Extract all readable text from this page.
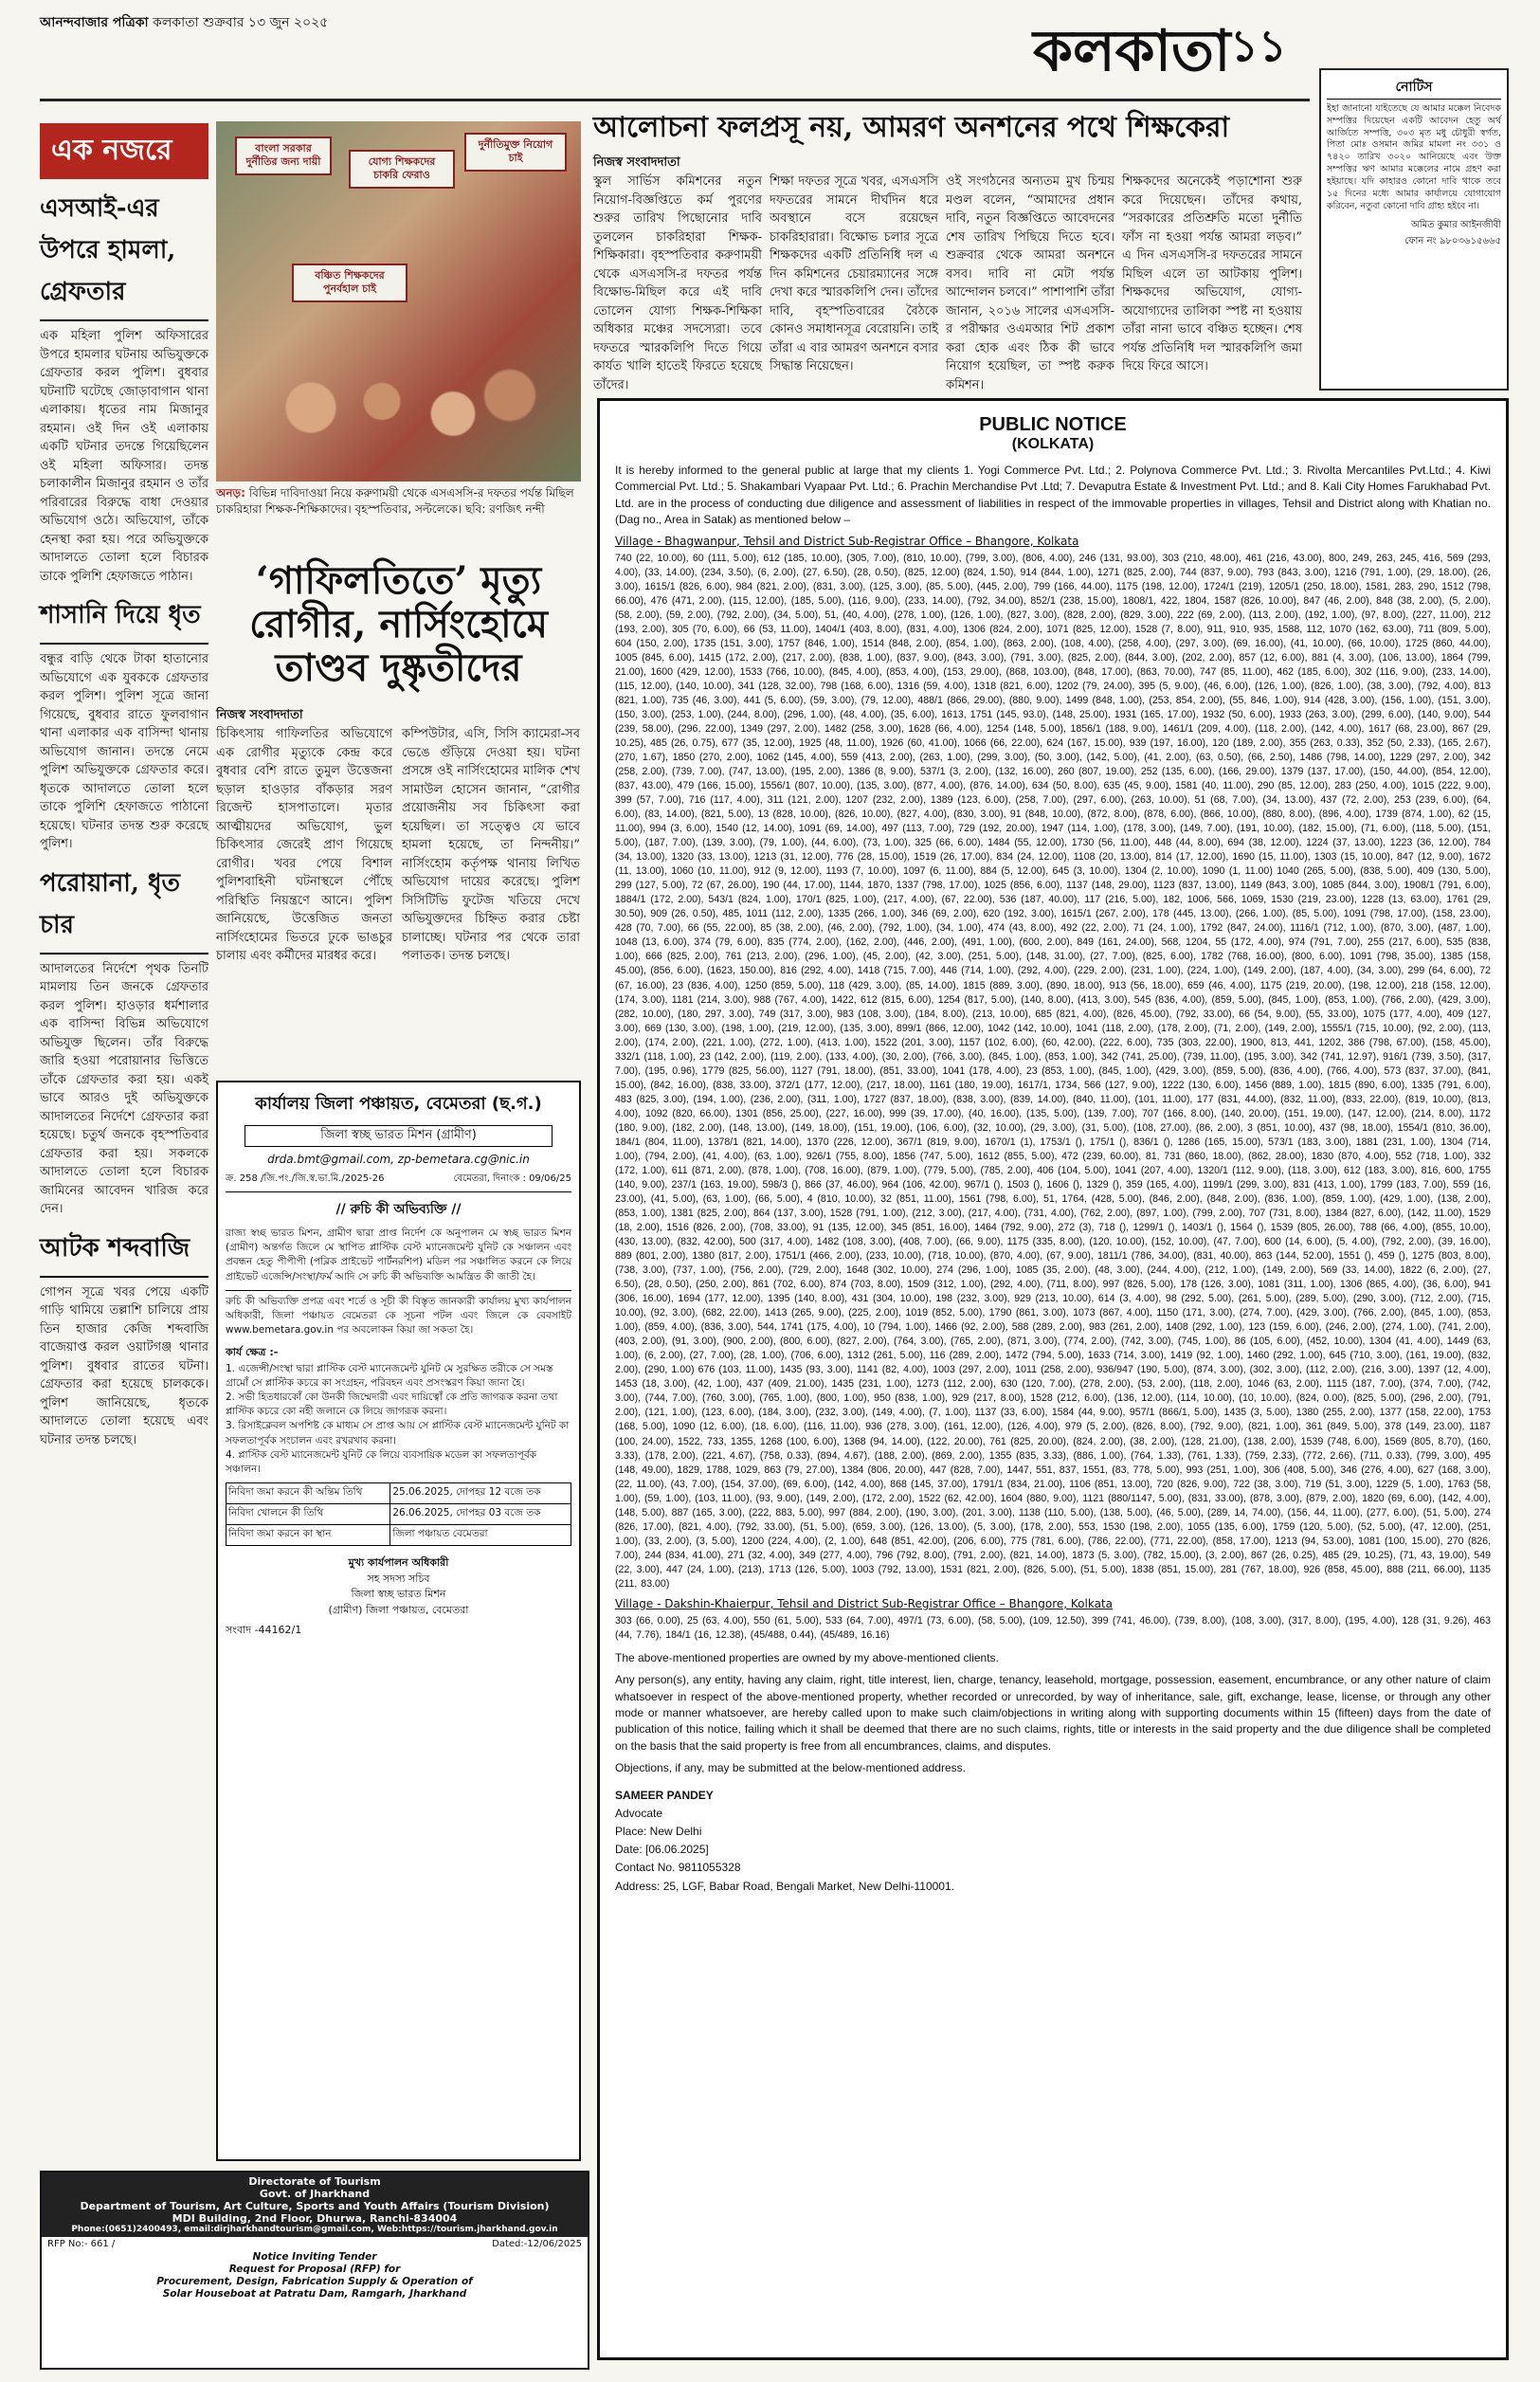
আনন্দবাজার পত্রিকা কলকাতা শুক্রবার ১৩ জুন ২০২৫	কলকাতা ১১
নোটিস
ইহা জানানো যাইতেছে যে আমার মক্কেল নিবেদক সম্পত্তির দিয়েছেন একটি আবেদন হেতু অর্থ আর্জিতে সম্পত্তি, ৩০৩ মৃত মধু চৌধুরী স্বর্গত, পিতা মোঃ ওসমান জমির মামলা নং ৩৩১ ও ৭৪২০ তারিখ ৩০২০ আনিয়েছে এবং উক্ত সম্পত্তির ঋণ আমার মক্কেলের নামে গ্রহণ করা হইয়াছে। যদি কাহারও কোনো দাবি থাকে তবে ১৫ দিনের মধ্যে আমার কার্যালয়ে যোগাযোগ করিবেন, নতুবা কোনো দাবি গ্রাহ্য হইবে না।
অমিত কুমার আইনজীবী
ফোন নং ৯৮০৩৬১৫৬৬৫
এক নজরে
এসআই-এর উপরে হামলা, গ্রেফতার
এক মহিলা পুলিশ অফিসারের উপরে হামলার ঘটনায় অভিযুক্তকে গ্রেফতার করল পুলিশ। বুধবার ঘটনাটি ঘটেছে জোড়াবাগান থানা এলাকায়। ধৃতের নাম মিজানুর রহমান। ওই দিন ওই এলাকায় একটি ঘটনার তদন্তে গিয়েছিলেন ওই মহিলা অফিসার। তদন্ত চলাকালীন মিজানুর রহমান ও তাঁর পরিবারের বিরুদ্ধে বাধা দেওয়ার অভিযোগ ওঠে। অভিযোগ, তাঁকে হেনস্থা করা হয়। পরে অভিযুক্তকে আদালতে তোলা হলে বিচারক তাকে পুলিশি হেফাজতে পাঠান।
শাসানি দিয়ে ধৃত
বন্ধুর বাড়ি থেকে টাকা হাতানোর অভিযোগে এক যুবককে গ্রেফতার করল পুলিশ। পুলিশ সূত্রে জানা গিয়েছে, বুধবার রাতে ফুলবাগান থানা এলাকার এক বাসিন্দা থানায় অভিযোগ জানান। তদন্তে নেমে পুলিশ অভিযুক্তকে গ্রেফতার করে। ধৃতকে আদালতে তোলা হলে তাকে পুলিশি হেফাজতে পাঠানো হয়েছে। ঘটনার তদন্ত শুরু করেছে পুলিশ।
পরোয়ানা, ধৃত চার
আদালতের নির্দেশে পৃথক তিনটি মামলায় তিন জনকে গ্রেফতার করল পুলিশ। হাওড়ার ধর্মশালার এক বাসিন্দা বিভিন্ন অভিযোগে অভিযুক্ত ছিলেন। তাঁর বিরুদ্ধে জারি হওয়া পরোয়ানার ভিত্তিতে তাঁকে গ্রেফতার করা হয়। একই ভাবে আরও দুই অভিযুক্তকে আদালতের নির্দেশে গ্রেফতার করা হয়েছে। চতুর্থ জনকে বৃহস্পতিবার গ্রেফতার করা হয়। সকলকে আদালতে তোলা হলে বিচারক জামিনের আবেদন খারিজ করে দেন।
আটক শব্দবাজি
গোপন সূত্রে খবর পেয়ে একটি গাড়ি থামিয়ে তল্লাশি চালিয়ে প্রায় তিন হাজার কেজি শব্দবাজি বাজেয়াপ্ত করল ওয়াটগঞ্জ থানার পুলিশ। বুধবার রাতের ঘটনা। গ্রেফতার করা হয়েছে চালককে। পুলিশ জানিয়েছে, ধৃতকে আদালতে তোলা হয়েছে এবং ঘটনার তদন্ত চলছে।
বাংলা সরকার দুর্নীতির জন্য দায়ী	যোগ্য শিক্ষকদের চাকরি ফেরাও
দুর্নীতিমুক্ত নিয়োগ চাই
বঞ্চিত শিক্ষকদের পুনর্বহাল চাই
অনড়: বিভিন্ন দাবিদাওয়া নিয়ে করুণাময়ী থেকে এসএসসি-র দফতর পর্যন্ত মিছিল চাকরিহারা শিক্ষক-শিক্ষিকাদের। বৃহস্পতিবার, সল্টলেকে। ছবি: রণজিৎ নন্দী
আলোচনা ফলপ্রসূ নয়, আমরণ অনশনের পথে শিক্ষকেরা
নিজস্ব সংবাদদাতা
স্কুল সার্ভিস কমিশনের নতুন নিয়োগ-বিজ্ঞপ্তিতে কর্ম পুরণের শুরুর তারিখ পিছোনোর দাবি তুললেন চাকরিহারা শিক্ষক-শিক্ষিকারা। বৃহস্পতিবার করুণাময়ী থেকে এসএসসি-র দফতর পর্যন্ত বিক্ষোভ-মিছিল করে এই দাবি তোলেন যোগ্য শিক্ষক-শিক্ষিকা অধিকার মঞ্চের সদস্যেরা। তবে দফতরে স্মারকলিপি দিতে গিয়ে কার্যত খালি হাতেই ফিরতে হয়েছে তাঁদের।
শিক্ষা দফতর সূত্রে খবর, এসএসসি দফতরের সামনে দীর্ঘদিন ধরে অবস্থানে বসে রয়েছেন চাকরিহারারা। বিক্ষোভ চলার সূত্রে শিক্ষকদের একটি প্রতিনিধি দল এ দিন কমিশনের চেয়ারম্যানের সঙ্গে দেখা করে স্মারকলিপি দেন। তাঁদের দাবি, বৃহস্পতিবারের বৈঠকে কোনও সমাধানসূত্র বেরোয়নি। তাই তাঁরা এ বার আমরণ অনশনে বসার সিদ্ধান্ত নিয়েছেন।
ওই সংগঠনের অন্যতম মুখ চিন্ময় মণ্ডল বলেন, “আমাদের প্রধান দাবি, নতুন বিজ্ঞপ্তিতে আবেদনের শেষ তারিখ পিছিয়ে দিতে হবে। শুক্রবার থেকে আমরা অনশনে বসব। দাবি না মেটা পর্যন্ত আন্দোলন চলবে।” পাশাপাশি তাঁরা জানান, ২০১৬ সালের এসএসসি-র পরীক্ষার ওএমআর শিট প্রকাশ করা হোক এবং ঠিক কী ভাবে নিয়োগ হয়েছিল, তা স্পষ্ট করুক কমিশন।
শিক্ষকদের অনেকেই পড়াশোনা শুরু করে দিয়েছেন। তাঁদের কথায়, “সরকারের প্রতিশ্রুতি মতো দুর্নীতি ফাঁস না হওয়া পর্যন্ত আমরা লড়ব।” এ দিন এসএসসি-র দফতরের সামনে মিছিল এলে তা আটকায় পুলিশ। শিক্ষকদের অভিযোগ, যোগ্য-অযোগ্যদের তালিকা স্পষ্ট না হওয়ায় তাঁরা নানা ভাবে বঞ্চিত হচ্ছেন। শেষ পর্যন্ত প্রতিনিধি দল স্মারকলিপি জমা দিয়ে ফিরে আসে।
‘গাফিলতিতে’ মৃত্যু
রোগীর, নার্সিংহোমে
তাণ্ডব দুষ্কৃতীদের
নিজস্ব সংবাদদাতা
চিকিৎসায় গাফিলতির অভিযোগে এক রোগীর মৃত্যুকে কেন্দ্র করে বুধবার বেশি রাতে তুমুল উত্তেজনা ছড়াল হাওড়ার বাঁকড়ার সরণ রিজেন্ট হাসপাতালে। মৃতার আত্মীয়দের অভিযোগ, ভুল চিকিৎসার জেরেই প্রাণ গিয়েছে রোগীর। খবর পেয়ে বিশাল পুলিশবাহিনী ঘটনাস্থলে পৌঁছে পরিস্থিতি নিয়ন্ত্রণে আনে। পুলিশ জানিয়েছে, উত্তেজিত জনতা নার্সিংহোমের ভিতরে ঢুকে ভাঙচুর চালায় এবং কর্মীদের মারধর করে।
কম্পিউটার, এসি, সিসি ক্যামেরা-সব ভেঙে গুঁড়িয়ে দেওয়া হয়। ঘটনা প্রসঙ্গে ওই নার্সিংহোমের মালিক শেখ সামাউল হোসেন জানান, “রোগীর প্রয়োজনীয় সব চিকিৎসা করা হয়েছিল। তা সত্ত্বেও যে ভাবে হামলা হয়েছে, তা নিন্দনীয়।” নার্সিংহোম কর্তৃপক্ষ থানায় লিখিত অভিযোগ দায়ের করেছে। পুলিশ সিসিটিভি ফুটেজ খতিয়ে দেখে অভিযুক্তদের চিহ্নিত করার চেষ্টা চালাচ্ছে। ঘটনার পর থেকে তারা পলাতক। তদন্ত চলছে।
কার্যালয় জিলা পঞ্চায়ত, বেমেতরা (ছ.গ.)
জিলা স্বচ্ছ ভারত মিশন (গ্রামীণ)
drda.bmt@gmail.com, zp-bemetara.cg@nic.in
ক্র. 258 /জি.পং./জি.স্ব.ভা.মি./2025-26	বেমেতরা, দিনাংক : 09/06/25
// রুচি কী অভিব্যক্তি //
রাজ্য স্বচ্ছ ভারত মিশন, গ্রামীণ দ্বারা প্রাপ্ত নির্দেশ কে অনুপালন মে স্বচ্ছ ভারত মিশন (গ্রামীণ) অন্তর্গত জিলে মে স্থাপিত প্লাস্টিক বেস্ট ম্যানেজমেন্ট যুনিট কে সঞ্চালন এবং প্রবন্ধন হেতু পীপীপী (পব্লিক প্রাইভেট পার্টনরশিপ) মডিল পর সঞ্চালিত করনে কে লিয়ে প্রাইভেট এজেন্সি/সংস্থা/ফর্ম আদি সে রুচি কী অভিব্যক্তি আমন্ত্রিত কী জাতী হৈ।
রুচি কী অভিব্যক্তি প্রপত্র এবং শর্তে ও সূচী কী বিস্তৃত জানকারী কার্যালয় মুখ্য কার্যপালন অধিকারী, জিলা পঞ্চায়ত বেমেতরা কে সূচনা পটল এবং জিলে কে বেবসাইট www.bemetara.gov.in পর অবলোকন কিয়া জা সকতা হৈ।
কার্য ক্ষেত্র :-
1. এজেন্সী/সংস্থা দ্বারা প্লাস্টিক বেস্ট ম্যানেজমেন্ট যুনিট মে সুরক্ষিত তরীকে সে সমস্ত গ্রামোঁ সে প্লাস্টিক কচরে কা সংগ্রহন, পরিবহন এবং প্রসংস্করণ কিয়া জানা হৈ।
2. সভী হিতধারকোঁ কো উনকী জিম্মেদারী এবং দায়িত্বোঁ কে প্রতি জাগরূক করনা তথা প্লাস্টিক কচরে কো নহী জলানে কে লিয়ে জাগরূক করনা।
3. রিসাইক্লেবল অপশিষ্ট কে মাধ্যম সে প্রাপ্ত আয় সে প্লাস্টিক বেস্ট ম্যানেজমেন্ট যুনিট কা সফলতাপূর্বক সংচালন এবং রখরখাব করনা।
4. প্লাস্টিক বেস্ট ম্যানেজমেন্ট যুনিট কে লিয়ে ব্যবসায়িক মডেল কা সফলতাপূর্বক সঞ্চালন।
নিবিদা জমা করনে কী অন্তিম তিথি	25.06.2025, দোপহর 12 বজে তক
নিবিদা খোলনে কী তিথি	26.06.2025, দোপহর 03 বজে তক
নিবিদা জমা করনে কা স্থান	জিলা পঞ্চায়ত বেমেতরা
মুখ্য কার্যপালন অধিকারী
সহ সদস্য সচিব
জিলা স্বচ্ছ ভারত মিশন
(গ্রামীণ) জিলা পঞ্চায়ত, বেমেতরা
সংবাদ -44162/1
Directorate of Tourism
Govt. of Jharkhand
Department of Tourism, Art Culture, Sports and Youth Affairs (Tourism Division)
MDI Building, 2nd Floor, Dhurwa, Ranchi-834004
Phone:(0651)2400493, email:dirjharkhandtourism@gmail.com, Web:https://tourism.jharkhand.gov.in
RFP No:- 661 /	Dated:-12/06/2025
Notice Inviting Tender
Request for Proposal (RFP) for
Procurement, Design, Fabrication Supply & Operation of
Solar Houseboat at Patratu Dam, Ramgarh, Jharkhand
PUBLIC NOTICE
(KOLKATA)
It is hereby informed to the general public at large that my clients 1. Yogi Commerce Pvt. Ltd.; 2. Polynova Commerce Pvt. Ltd.; 3. Rivolta Mercantiles Pvt.Ltd.; 4. Kiwi Commercial Pvt. Ltd.; 5. Shakambari Vyapaar Pvt. Ltd.; 6. Prachin Merchandise Pvt .Ltd; 7. Devaputra Estate & Investment Pvt. Ltd.; and 8. Kali City Homes Farukhabad Pvt. Ltd. are in the process of conducting due diligence and assessment of liabilities in respect of the immovable properties in villages, Tehsil and District along with Khatian no. (Dag no., Area in Satak) as mentioned below –
Village - Bhagwanpur, Tehsil and District Sub-Registrar Office – Bhangore, Kolkata
740 (22, 10.00), 60 (111, 5.00), 612 (185, 10.00), (305, 7.00), (810, 10.00), (799, 3.00), (806, 4.00), 246 (131, 93.00), 303 (210, 48.00), 461 (216, 43.00), 800, 249, 263, 245, 416, 569 (293, 4.00), (33, 14.00), (234, 3.50), (6, 2.00), (27, 6.50), (28, 0.50), (825, 12.00) (824, 1.50), 914 (844, 1.00), 1271 (825, 2.00), 744 (837, 9.00), 793 (843, 3.00), 1216 (791, 1.00), (29, 18.00), (26, 3.00), 1615/1 (826, 6.00), 984 (821, 2.00), (831, 3.00), (125, 3.00), (85, 5.00), (445, 2.00), 799 (166, 44.00), 1175 (198, 12.00), 1724/1 (219), 1205/1 (250, 18.00), 1581, 283, 290, 1512 (798, 66.00), 476 (471, 2.00), (115, 12.00), (185, 5.00), (116, 9.00), (233, 14.00), (792, 34.00), 852/1 (238, 15.00), 1808/1, 422, 1804, 1587 (826, 10.00), 847 (46, 2.00), 848 (38, 2.00), (5, 2.00), (58, 2.00), (59, 2.00), (792, 2.00), (34, 5.00), 51, (40, 4.00), (278, 1.00), (126, 1.00), (827, 3.00), (828, 2.00), (829, 3.00), 222 (69, 2.00), (113, 2.00), (192, 1.00), (97, 8.00), (227, 11.00), 212 (193, 2.00), 305 (70, 6.00), 66 (53, 11.00), 1404/1 (403, 8.00), (831, 4.00), 1306 (824, 2.00), 1071 (825, 12.00), 1528 (7, 8.00), 911, 910, 935, 1588, 112, 1070 (162, 63.00), 711 (809, 5.00), 604 (150, 2.00), 1735 (151, 3.00), 1757 (846, 1.00), 1514 (848, 2.00), (854, 1.00), (863, 2.00), (108, 4.00), (258, 4.00), (297, 3.00), (69, 16.00), (41, 10.00), (66, 10.00), 1725 (860, 44.00), 1005 (845, 6.00), 1415 (172, 2.00), (217, 2.00), (838, 1.00), (837, 9.00), (843, 3.00), (791, 3.00), (825, 2.00), (844, 3.00), (202, 2.00), 857 (12, 6.00), 881 (4, 3.00), (106, 13.00), 1864 (799, 21.00), 1600 (429, 12.00), 1533 (766, 10.00), (845, 4.00), (853, 4.00), (153, 29.00), (868, 103.00), (848, 17.00), (863, 70.00), 747 (85, 11.00), 462 (185, 6.00), 302 (116, 9.00), (233, 14.00), (115, 12.00), (140, 10.00), 341 (128, 32.00), 798 (168, 6.00), 1316 (59, 4.00), 1318 (821, 6.00), 1202 (79, 24.00), 395 (5, 9.00), (46, 6.00), (126, 1.00), (826, 1.00), (38, 3.00), (792, 4.00), 813 (821, 1.00), 735 (46, 3.00), 441 (5, 6.00), (59, 3.00), (79, 12.00), 488/1 (866, 29.00), (880, 9.00), 1499 (848, 1.00), (253, 854, 2.00), (55, 846, 1.00), 914 (428, 3.00), (156, 1.00), (151, 3.00), (150, 3.00), (253, 1.00), (244, 8.00), (296, 1.00), (48, 4.00), (35, 6.00), 1613, 1751 (145, 93.0), (148, 25.00), 1931 (165, 17.00), 1932 (50, 6.00), 1933 (263, 3.00), (299, 6.00), (140, 9.00), 544 (239, 58.00), (296, 22.00), 1349 (297, 2.00), 1482 (258, 3.00), 1628 (66, 4.00), 1254 (148, 5.00), 1856/1 (188, 9.00), 1461/1 (209, 4.00), (118, 2.00), (142, 4.00), 1617 (68, 23.00), 867 (29, 10.25), 485 (26, 0.75), 677 (35, 12.00), 1925 (48, 11.00), 1926 (60, 41.00), 1066 (66, 22.00), 624 (167, 15.00), 939 (197, 16.00), 120 (189, 2.00), 355 (263, 0.33), 352 (50, 2.33), (165, 2.67), (270, 1.67), 1850 (270, 2.00), 1062 (145, 4.00), 559 (413, 2.00), (263, 1.00), (299, 3.00), (50, 3.00), (142, 5.00), (41, 2.00), (63, 0.50), (66, 2.50), 1486 (798, 14.00), 1229 (297, 2.00), 342 (258, 2.00), (739, 7.00), (747, 13.00), (195, 2.00), 1386 (8, 9.00), 537/1 (3, 2.00), (132, 16.00), 260 (807, 19.00), 252 (135, 6.00), (166, 29.00), 1379 (137, 17.00), (150, 44.00), (854, 12.00), (837, 43.00), 479 (166, 15.00), 1556/1 (807, 10.00), (135, 3.00), (877, 4.00), (876, 14.00), 634 (50, 8.00), 635 (45, 9.00), 1581 (40, 11.00), 290 (85, 12.00), 283 (250, 4.00), 1015 (222, 9.00), 399 (57, 7.00), 716 (117, 4.00), 311 (121, 2.00), 1207 (232, 2.00), 1389 (123, 6.00), (258, 7.00), (297, 6.00), (263, 10.00), 51 (68, 7.00), (34, 13.00), 437 (72, 2.00), 253 (239, 6.00), (64, 6.00), (83, 14.00), (821, 5.00), 13 (828, 10.00), (826, 10.00), (827, 4.00), (830, 3.00), 91 (848, 10.00), (872, 8.00), (878, 6.00), (866, 10.00), (880, 8.00), (896, 4.00), 1739 (874, 1.00), 62 (15, 11.00), 994 (3, 6.00), 1540 (12, 14.00), 1091 (69, 14.00), 497 (113, 7.00), 729 (192, 20.00), 1947 (114, 1.00), (178, 3.00), (149, 7.00), (191, 10.00), (182, 15.00), (71, 6.00), (118, 5.00), (151, 5.00), (187, 7.00), (139, 3.00), (79, 1.00), (44, 6.00), (73, 1.00), 325 (66, 6.00), 1484 (55, 12.00), 1730 (56, 11.00), 448 (44, 8.00), 694 (38, 12.00), 1224 (37, 13.00), 1223 (36, 12.00), 784 (34, 13.00), 1320 (33, 13.00), 1213 (31, 12.00), 776 (28, 15.00), 1519 (26, 17.00), 834 (24, 12.00), 1108 (20, 13.00), 814 (17, 12.00), 1690 (15, 11.00), 1303 (15, 10.00), 847 (12, 9.00), 1672 (11, 13.00), 1060 (10, 11.00), 912 (9, 12.00), 1193 (7, 10.00), 1097 (6, 11.00), 884 (5, 12.00), 645 (3, 10.00), 1304 (2, 10.00), 1090 (1, 11.00) 1040 (265, 5.00), (838, 5.00), 409 (130, 5.00), 299 (127, 5.00), 72 (67, 26.00), 190 (44, 17.00), 1144, 1870, 1337 (798, 17.00), 1025 (856, 6.00), 1137 (148, 29.00), 1123 (837, 13.00), 1149 (843, 3.00), 1085 (844, 3.00), 1908/1 (791, 6.00), 1884/1 (172, 2.00), 543/1 (824, 1.00), 170/1 (825, 1.00), (217, 4.00), (67, 22.00), 536 (187, 40.00), 117 (216, 5.00), 182, 1006, 566, 1069, 1530 (219, 23.00), 1228 (13, 63.00), 1761 (29, 30.50), 909 (26, 0.50), 485, 1011 (112, 2.00), 1335 (266, 1.00), 346 (69, 2.00), 620 (192, 3.00), 1615/1 (267, 2.00), 178 (445, 13.00), (266, 1.00), (85, 5.00), 1091 (798, 17.00), (158, 23.00), 428 (70, 7.00), 66 (55, 22.00), 85 (38, 2.00), (46, 2.00), (792, 1.00), (34, 1.00), 474 (43, 8.00), 492 (22, 2.00), 71 (24, 1.00), 1792 (847, 24.00), 1116/1 (712, 1.00), (870, 3.00), (487, 1.00), 1048 (13, 6.00), 374 (79, 6.00), 835 (774, 2.00), (162, 2.00), (446, 2.00), (491, 1.00), (600, 2.00), 849 (161, 24.00), 568, 1204, 55 (172, 4.00), 974 (791, 7.00), 255 (217, 6.00), 535 (838, 1.00), 666 (825, 2.00), 761 (213, 2.00), (296, 1.00), (45, 2.00), (42, 3.00), (251, 5.00), (148, 31.00), (27, 7.00), (825, 6.00), 1782 (768, 16.00), (800, 6.00), 1091 (798, 35.00), 1385 (158, 45.00), (856, 6.00), (1623, 150.00), 816 (292, 4.00), 1418 (715, 7.00), 446 (714, 1.00), (292, 4.00), (229, 2.00), (231, 1.00), (224, 1.00), (149, 2.00), (187, 4.00), (34, 3.00), 299 (64, 6.00), 72 (67, 16.00), 23 (836, 4.00), 1250 (859, 5.00), 118 (429, 3.00), (85, 14.00), 1815 (889, 3.00), (890, 18.00), 913 (56, 18.00), 659 (46, 4.00), 1175 (219, 20.00), (198, 12.00), 218 (158, 12.00), (174, 3.00), 1181 (214, 3.00), 988 (767, 4.00), 1422, 612 (815, 6.00), 1254 (817, 5.00), (140, 8.00), (413, 3.00), 545 (836, 4.00), (859, 5.00), (845, 1.00), (853, 1.00), (766, 2.00), (429, 3.00), (282, 10.00), (180, 297, 3.00), 749 (317, 3.00), 983 (108, 3.00), (184, 8.00), (213, 10.00), 685 (821, 4.00), (826, 45.00), (792, 33.00), 66 (54, 9.00), (55, 33.00), 1075 (177, 4.00), 409 (127, 3.00), 669 (130, 3.00), (198, 1.00), (219, 12.00), (135, 3.00), 899/1 (866, 12.00), 1042 (142, 10.00), 1041 (118, 2.00), (178, 2.00), (71, 2.00), (149, 2.00), 1555/1 (715, 10.00), (92, 2.00), (113, 2.00), (174, 2.00), (221, 1.00), (272, 1.00), (413, 1.00), 1522 (201, 3.00), 1157 (102, 6.00), (60, 42.00), (222, 6.00), 735 (303, 22.00), 1900, 813, 441, 1202, 386 (798, 67.00), (158, 45.00), 332/1 (118, 1.00), 23 (142, 2.00), (119, 2.00), (133, 4.00), (30, 2.00), (766, 3.00), (845, 1.00), (853, 1.00), 342 (741, 25.00), (739, 11.00), (195, 3.00), 342 (741, 12.97), 916/1 (739, 3.50), (317, 7.00), (195, 0.96), 1779 (825, 56.00), 1127 (791, 18.00), (851, 33.00), 1041 (178, 4.00), 23 (853, 1.00), (845, 1.00), (429, 3.00), (859, 5.00), (836, 4.00), (766, 4.00), 573 (837, 37.00), (841, 15.00), (842, 16.00), (838, 33.00), 372/1 (177, 12.00), (217, 18.00), 1161 (180, 19.00), 1617/1, 1734, 566 (127, 9.00), 1222 (130, 6.00), 1456 (889, 1.00), 1815 (890, 6.00), 1335 (791, 6.00), 483 (825, 3.00), (194, 1.00), (236, 2.00), (311, 1.00), 1727 (837, 18.00), (838, 3.00), (839, 14.00), (840, 11.00), (101, 11.00), 177 (831, 44.00), (832, 11.00), (833, 22.00), (819, 10.00), (813, 4.00), 1092 (820, 66.00), 1301 (856, 25.00), (227, 16.00), 999 (39, 17.00), (40, 16.00), (135, 5.00), (139, 7.00), 707 (166, 8.00), (140, 20.00), (151, 19.00), (147, 12.00), (214, 8.00), 1172 (180, 9.00), (182, 2.00), (148, 13.00), (149, 18.00), (151, 19.00), (106, 6.00), (32, 10.00), (29, 3.00), (31, 5.00), (108, 27.00), (86, 2.00), 3 (851, 10.00), 437 (98, 18.00), 1554/1 (810, 36.00), 184/1 (804, 11.00), 1378/1 (821, 14.00), 1370 (226, 12.00), 367/1 (819, 9.00), 1670/1 (1), 1753/1 (), 175/1 (), 836/1 (), 1286 (165, 15.00), 573/1 (183, 3.00), 1881 (231, 1.00), 1304 (714, 1.00), (794, 2.00), (41, 4.00), (63, 1.00), 926/1 (755, 8.00), 1856 (747, 5.00), 1612 (855, 5.00), 472 (239, 60.00), 81, 731 (860, 18.00), (862, 28.00), 1830 (870, 4.00), 552 (718, 1.00), 332 (172, 1.00), 611 (871, 2.00), (878, 1.00), (708, 16.00), (879, 1.00), (779, 5.00), (785, 2.00), 406 (104, 5.00), 1041 (207, 4.00), 1320/1 (112, 9.00), (118, 3.00), 612 (183, 3.00), 816, 600, 1755 (140, 9.00), 237/1 (163, 19.00), 598/3 (), 866 (37, 46.00), 964 (106, 42.00), 967/1 (), 1503 (), 1606 (), 1329 (), 359 (165, 4.00), 1199/1 (299, 3.00), 831 (413, 1.00), 1799 (183, 7.00), 559 (16, 23.00), (41, 5.00), (63, 1.00), (66, 5.00), 4 (810, 10.00), 32 (851, 11.00), 1561 (798, 6.00), 51, 1764, (428, 5.00), (846, 2.00), (848, 2.00), (836, 1.00), (859, 1.00), (429, 1.00), (138, 2.00), (853, 1.00), 1381 (825, 2.00), 864 (137, 3.00), 1528 (791, 1.00), (212, 3.00), (217, 4.00), (731, 4.00), (762, 2.00), (897, 1.00), (799, 2.00), 707 (731, 8.00), 1384 (827, 6.00), (142, 11.00), 1529 (18, 2.00), 1516 (826, 2.00), (708, 33.00), 91 (135, 12.00), 345 (851, 16.00), 1464 (792, 9.00), 272 (3), 718 (), 1299/1 (), 1403/1 (), 1564 (), 1539 (805, 26.00), 788 (66, 4.00), (855, 10.00), (430, 13.00), (832, 42.00), 500 (317, 4.00), 1482 (108, 3.00), (408, 7.00), (66, 9.00), 1175 (335, 8.00), (120, 10.00), (152, 10.00), (47, 7.00), 600 (14, 6.00), (5, 4.00), (792, 2.00), (39, 16.00), 889 (801, 2.00), 1380 (817, 2.00), 1751/1 (466, 2.00), (233, 10.00), (718, 10.00), (870, 4.00), (67, 9.00), 1811/1 (786, 34.00), (831, 40.00), 863 (144, 52.00), 1551 (), 459 (), 1275 (803, 8.00), (738, 3.00), (737, 1.00), (756, 2.00), (729, 2.00), 1648 (302, 10.00), 274 (296, 1.00), 1085 (35, 2.00), (48, 3.00), (244, 4.00), (212, 1.00), (149, 2.00), 569 (33, 14.00), 1822 (6, 2.00), (27, 6.50), (28, 0.50), (250, 2.00), 861 (702, 6.00), 874 (703, 8.00), 1509 (312, 1.00), (292, 4.00), (711, 8.00), 997 (826, 5.00), 178 (126, 3.00), 1081 (311, 1.00), 1306 (865, 4.00), (36, 6.00), 941 (306, 16.00), 1694 (177, 12.00), 1395 (140, 8.00), 431 (304, 10.00), 198 (232, 3.00), 929 (213, 10.00), 614 (3, 4.00), 98 (292, 5.00), (261, 5.00), (289, 5.00), (290, 3.00), (712, 2.00), (715, 10.00), (92, 3.00), (682, 22.00), 1413 (265, 9.00), (225, 2.00), 1019 (852, 5.00), 1790 (861, 3.00), 1073 (867, 4.00), 1150 (171, 3.00), (274, 7.00), (429, 3.00), (766, 2.00), (845, 1.00), (853, 1.00), (859, 4.00), (836, 3.00), 544, 1741 (175, 4.00), 10 (794, 1.00), 1466 (92, 2.00), 588 (289, 2.00), 983 (261, 2.00), 1408 (292, 1.00), 123 (159, 6.00), (246, 2.00), (274, 1.00), (741, 2.00), (403, 2.00), (91, 3.00), (900, 2.00), (800, 6.00), (827, 2.00), (764, 3.00), (765, 2.00), (871, 3.00), (774, 2.00), (742, 3.00), (745, 1.00), 86 (105, 6.00), (452, 10.00), 1304 (41, 4.00), 1449 (63, 1.00), (6, 2.00), (27, 7.00), (28, 1.00), (706, 6.00), 1312 (261, 5.00), 116 (289, 2.00), 1472 (794, 5.00), 1633 (714, 3.00), 1419 (92, 1.00), 1460 (292, 1.00), 645 (710, 3.00), (161, 19.00), (832, 2.00), (290, 1.00) 676 (103, 11.00), 1435 (93, 3.00), 1141 (82, 4.00), 1003 (297, 2.00), 1011 (258, 2.00), 936/947 (190, 5.00), (874, 3.00), (302, 3.00), (112, 2.00), (216, 3.00), 1397 (12, 4.00), 1453 (18, 3.00), (42, 1.00), 437 (409, 21.00), 1435 (231, 1.00), 1273 (112, 2.00), 630 (120, 7.00), (278, 2.00), (53, 2.00), (118, 2.00), 1046 (63, 2.00), 1115 (187, 7.00), (374, 7.00), (742, 3.00), (744, 7.00), (760, 3.00), (765, 1.00), (800, 1.00), 950 (838, 1.00), 929 (217, 8.00), 1528 (212, 6.00), (136, 12.00), (114, 10.00), (10, 10.00), (824, 0.00), (825, 5.00), (296, 2.00), (791, 2.00), (121, 1.00), (123, 6.00), (184, 3.00), (232, 3.00), (149, 4.00), (7, 1.00), 1137 (33, 6.00), 1584 (44, 9.00), 957/1 (866/1, 5.00), 1435 (3, 5.00), 1380 (255, 2.00), 1377 (158, 22.00), 1753 (168, 5.00), 1090 (12, 6.00), (18, 6.00), (116, 11.00), 936 (278, 3.00), (161, 12.00), (126, 4.00), 979 (5, 2.00), (826, 8.00), (792, 9.00), (821, 1.00), 361 (849, 5.00), 378 (149, 23.00), 1187 (100, 24.00), 1522, 733, 1355, 1268 (100, 6.00), 1368 (94, 14.00), (122, 20.00), 761 (825, 20.00), (824, 2.00), (38, 2.00), (128, 21.00), (138, 2.00), 1539 (748, 6.00), 1569 (805, 8.70), (160, 3.33), (178, 2.00), (221, 4.67), (758, 0.33), (894, 4.67), (188, 2.00), (869, 2.00), 1355 (835, 3.33), (886, 1.00), (764, 1.33), (761, 1.33), (759, 2.33), (772, 2.66), (711, 0.33), (799, 3.00), 495 (148, 49.00), 1829, 1788, 1029, 863 (79, 27.00), 1384 (806, 20.00), 447 (828, 7.00), 1447, 551, 837, 1551, (83, 778, 5.00), 993 (251, 1.00), 306 (408, 5.00), 346 (276, 4.00), 627 (168, 3.00), (22, 11.00), (43, 7.00), (154, 37.00), (69, 6.00), (142, 4.00), 868 (145, 37.00), 1791/1 (834, 21.00), 1106 (851, 13.00), 720 (826, 9.00), 722 (38, 3.00), 719 (51, 3.00), 1229 (5, 1.00), 1763 (58, 1.00), (59, 1.00), (103, 11.00), (93, 9.00), (149, 2.00), (172, 2.00), 1522 (62, 42.00), 1604 (880, 9.00), 1121 (880/1147, 5.00), (831, 33.00), (878, 3.00), (879, 2.00), 1820 (69, 6.00), (142, 4.00), (148, 5.00), 887 (165, 3.00), (222, 883, 5.00), 997 (884, 2.00), (190, 3.00), (201, 3.00), 1138 (110, 5.00), (138, 5.00), (46, 5.00), (289, 14, 74.00), (156, 44, 11.00), (277, 6.00), (51, 5.00), 274 (826, 17.00), (821, 4.00), (792, 33.00), (51, 5.00), (659, 3.00), (126, 13.00), (5, 3.00), (178, 2.00), 553, 1530 (198, 2.00), 1055 (135, 6.00), 1759 (120, 5.00), (52, 5.00), (47, 12.00), (251, 1.00), (33, 2.00), (3, 5.00), 1200 (224, 4.00), (2, 1.00), 648 (851, 42.00), (206, 6.00), 775 (781, 6.00), (786, 22.00), (771, 22.00), (858, 17.00), 1213 (94, 53.00), 1081 (100, 15.00), 270 (826, 7.00), 244 (834, 41.00), 271 (32, 4.00), 349 (277, 4.00), 796 (792, 8.00), (791, 2.00), (821, 14.00), 1873 (5, 3.00), (782, 15.00), (3, 2.00), 867 (26, 0.25), 485 (29, 10.25), (71, 43, 19.00), 549 (22, 3.00), 447 (24, 1.00), (213), 1713 (126, 5.00), 1003 (792, 13.00), 1531 (821, 2.00), (826, 5.00), (51, 5.00), 1838 (851, 15.00), 281 (767, 18.00), 926 (858, 45.00), 888 (211, 66.00), 1135 (211, 83.00)
Village - Dakshin-Khaierpur, Tehsil and District Sub-Registrar Office – Bhangore, Kolkata
303 (66, 0.00), 25 (63, 4.00), 550 (61, 5.00), 533 (64, 7.00), 497/1 (73, 6.00), (58, 5.00), (109, 12.50), 399 (741, 46.00), (739, 8.00), (108, 3.00), (317, 8.00), (195, 4.00), 128 (31, 9.26), 463 (44, 7.76), 184/1 (16, 12.38), (45/488, 0.44), (45/489, 16.16)
The above-mentioned properties are owned by my above-mentioned clients.
Any person(s), any entity, having any claim, right, title interest, lien, charge, tenancy, leasehold, mortgage, possession, easement, encumbrance, or any other nature of claim whatsoever in respect of the above-mentioned property, whether recorded or unrecorded, by way of inheritance, sale, gift, exchange, lease, license, or through any other mode or manner whatsoever, are hereby called upon to make such claim/objections in writing along with supporting documents within 15 (fifteen) days from the date of publication of this notice, failing which it shall be deemed that there are no such claims, rights, title or interests in the said property and the due diligence shall be completed on the basis that the said property is free from all encumbrances, claims, and disputes.
Objections, if any, may be submitted at the below-mentioned address.
SAMEER PANDEY
Advocate
Place: New Delhi
Date: [06.06.2025]
Contact No. 9811055328
Address: 25, LGF, Babar Road, Bengali Market, New Delhi-110001.
